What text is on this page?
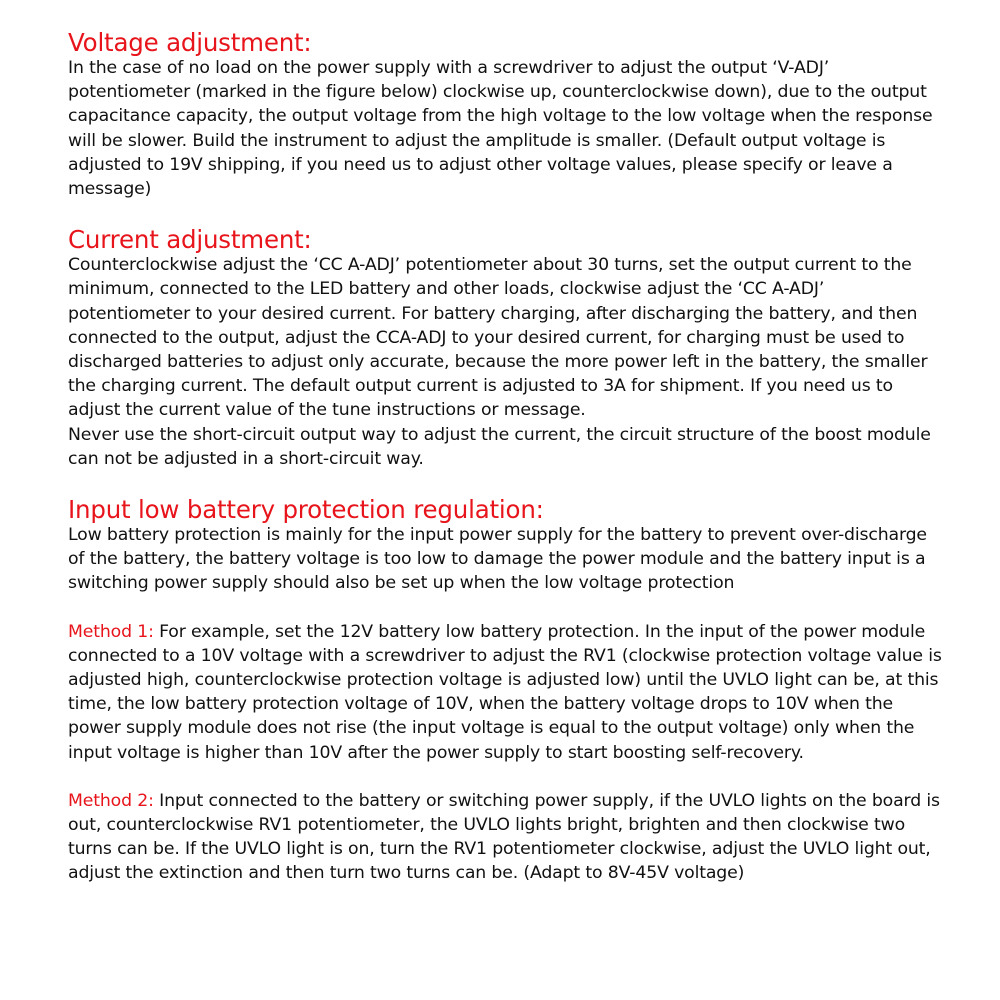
Voltage adjustment:

In the case of no load on the power supply with a screwdriver to adjust the output ‘V-ADJ’ potentiometer (marked in the figure below) clockwise up, counterclockwise down), due to the output capacitance capacity, the output voltage from the high voltage to the low voltage when the response will be slower. Build the instrument to adjust the amplitude is smaller. (Default output voltage is adjusted to 19V shipping, if you need us to adjust other voltage values, please specify or leave a message)

Current adjustment:

Counterclockwise adjust the ‘CC A-ADJ’ potentiometer about 30 turns, set the output current to the minimum, connected to the LED battery and other loads, clockwise adjust the ‘CC A-ADJ’ potentiometer to your desired current. For battery charging, after discharging the battery, and then connected to the output, adjust the CCA-ADJ to your desired current, for charging must be used to discharged batteries to adjust only accurate, because the more power left in the battery, the smaller the charging current. The default output current is adjusted to 3A for shipment. If you need us to adjust the current value of the tune instructions or message.

Never use the short-circuit output way to adjust the current, the circuit structure of the boost module can not be adjusted in a short-circuit way.

Input low battery protection regulation:

Low battery protection is mainly for the input power supply for the battery to prevent over-discharge of the battery, the battery voltage is too low to damage the power module and the battery input is a switching power supply should also be set up when the low voltage protection

Method 1: For example, set the 12V battery low battery protection. In the input of the power module connected to a 10V voltage with a screwdriver to adjust the RV1 (clockwise protection voltage value is adjusted high, counterclockwise protection voltage is adjusted low) until the UVLO light can be, at this time, the low battery protection voltage of 10V, when the battery voltage drops to 10V when the power supply module does not rise (the input voltage is equal to the output voltage) only when the input voltage is higher than 10V after the power supply to start boosting self-recovery.

Method 2: Input connected to the battery or switching power supply, if the UVLO lights on the board is out, counterclockwise RV1 potentiometer, the UVLO lights bright, brighten and then clockwise two turns can be. If the UVLO light is on, turn the RV1 potentiometer clockwise, adjust the UVLO light out, adjust the extinction and then turn two turns can be. (Adapt to 8V-45V voltage)
